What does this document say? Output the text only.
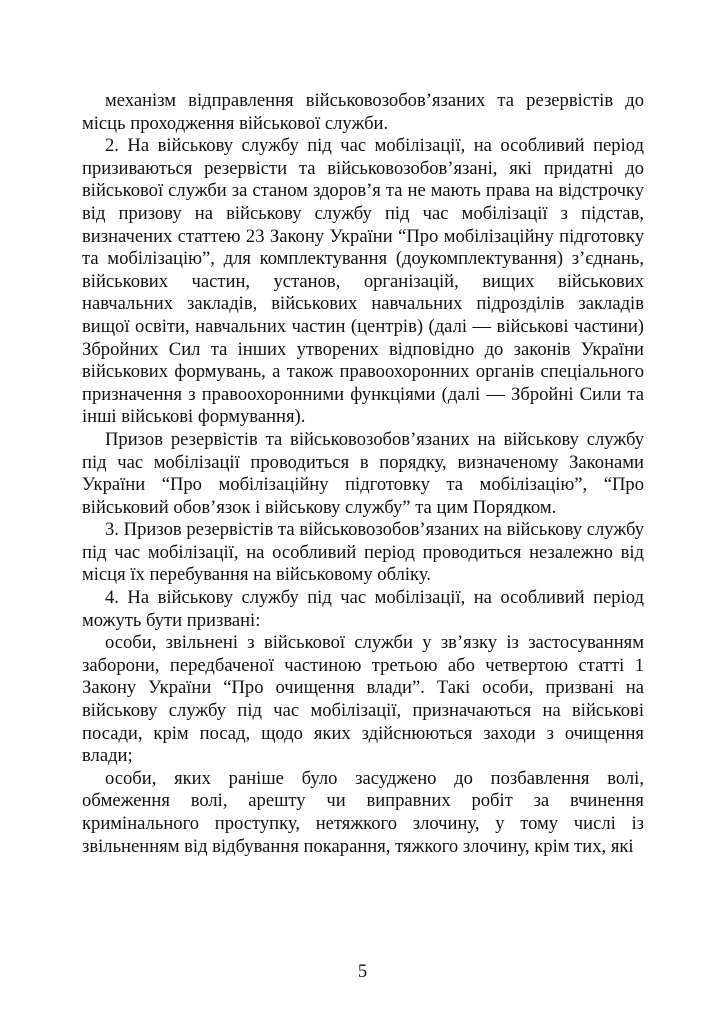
механізм відправлення військовозобов’язаних та резервістів до місць проходження військової служби.

2. На військову службу під час мобілізації, на особливий період призиваються резервісти та військовозобов’язані, які придатні до військової служби за станом здоров’я та не мають права на відстрочку від призову на військову службу під час мобілізації з підстав, визначених статтею 23 Закону України “Про мобілізаційну підготовку та мобілізацію”, для комплектування (доукомплектування) з’єднань, військових частин, установ, організацій, вищих військових навчальних закладів, військових навчальних підрозділів закладів вищої освіти, навчальних частин (центрів) (далі — військові частини) Збройних Сил та інших утворених відповідно до законів України військових формувань, а також правоохоронних органів спеціального призначення з правоохоронними функціями (далі — Збройні Сили та інші військові формування).

Призов резервістів та військовозобов’язаних на військову службу під час мобілізації проводиться в порядку, визначеному Законами України “Про мобілізаційну підготовку та мобілізацію”, “Про військовий обов’язок і військову службу” та цим Порядком.

3. Призов резервістів та військовозобов’язаних на військову службу під час мобілізації, на особливий період проводиться незалежно від місця їх перебування на військовому обліку.

4. На військову службу під час мобілізації, на особливий період можуть бути призвані:

особи, звільнені з військової служби у зв’язку із застосуванням заборони, передбаченої частиною третьою або четвертою статті 1 Закону України “Про очищення влади”. Такі особи, призвані на військову службу під час мобілізації, призначаються на військові посади, крім посад, щодо яких здійснюються заходи з очищення влади;

особи, яких раніше було засуджено до позбавлення волі, обмеження волі, арешту чи виправних робіт за вчинення кримінального проступку, нетяжкого злочину, у тому числі із звільненням від відбування покарання, тяжкого злочину, крім тих, які

5
